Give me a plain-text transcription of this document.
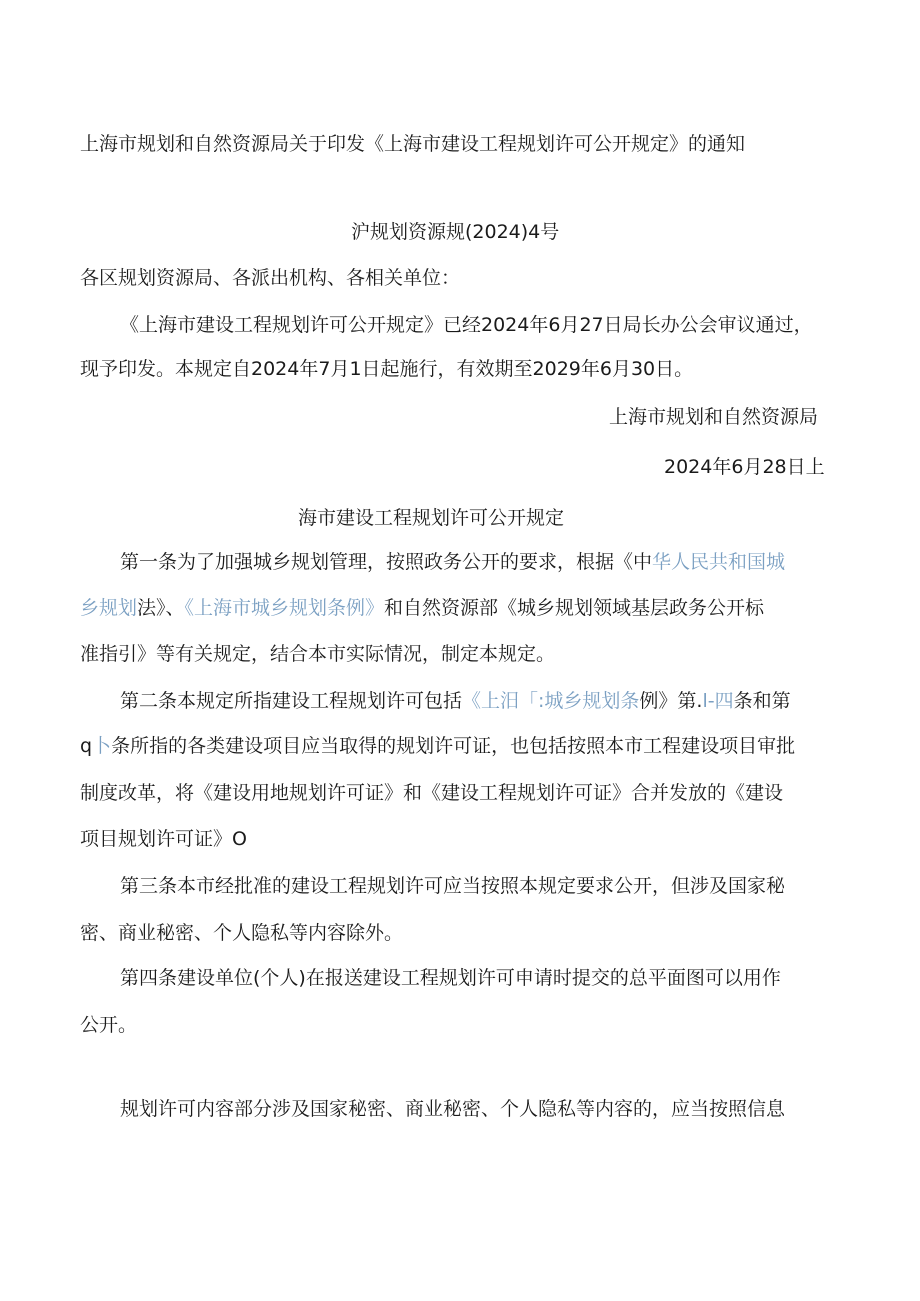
上海市规划和自然资源局关于印发《上海市建设工程规划许可公开规定》的通知
沪规划资源规(2024)4号
各区规划资源局、各派出机构、各相关单位：
《上海市建设工程规划许可公开规定》已经2024年6月27日局长办公会审议通过，
现予印发。本规定自2024年7月1日起施行，有效期至2029年6月30日。
上海市规划和自然资源局
2024年6月28日上
海市建设工程规划许可公开规定
第一条为了加强城乡规划管理，按照政务公开的要求，根据《中华人民共和国城
乡规划法》、《上海市城乡规划条例》和自然资源部《城乡规划领域基层政务公开标
准指引》等有关规定，结合本市实际情况，制定本规定。
第二条本规定所指建设工程规划许可包括《上汨「:城乡规划条例》第.l-四条和第
q卜条所指的各类建设项目应当取得的规划许可证，也包括按照本市工程建设项目审批
制度改革，将《建设用地规划许可证》和《建设工程规划许可证》合并发放的《建设
项目规划许可证》O
第三条本市经批准的建设工程规划许可应当按照本规定要求公开，但涉及国家秘
密、商业秘密、个人隐私等内容除外。
第四条建设单位(个人)在报送建设工程规划许可申请时提交的总平面图可以用作
公开。
规划许可内容部分涉及国家秘密、商业秘密、个人隐私等内容的，应当按照信息
